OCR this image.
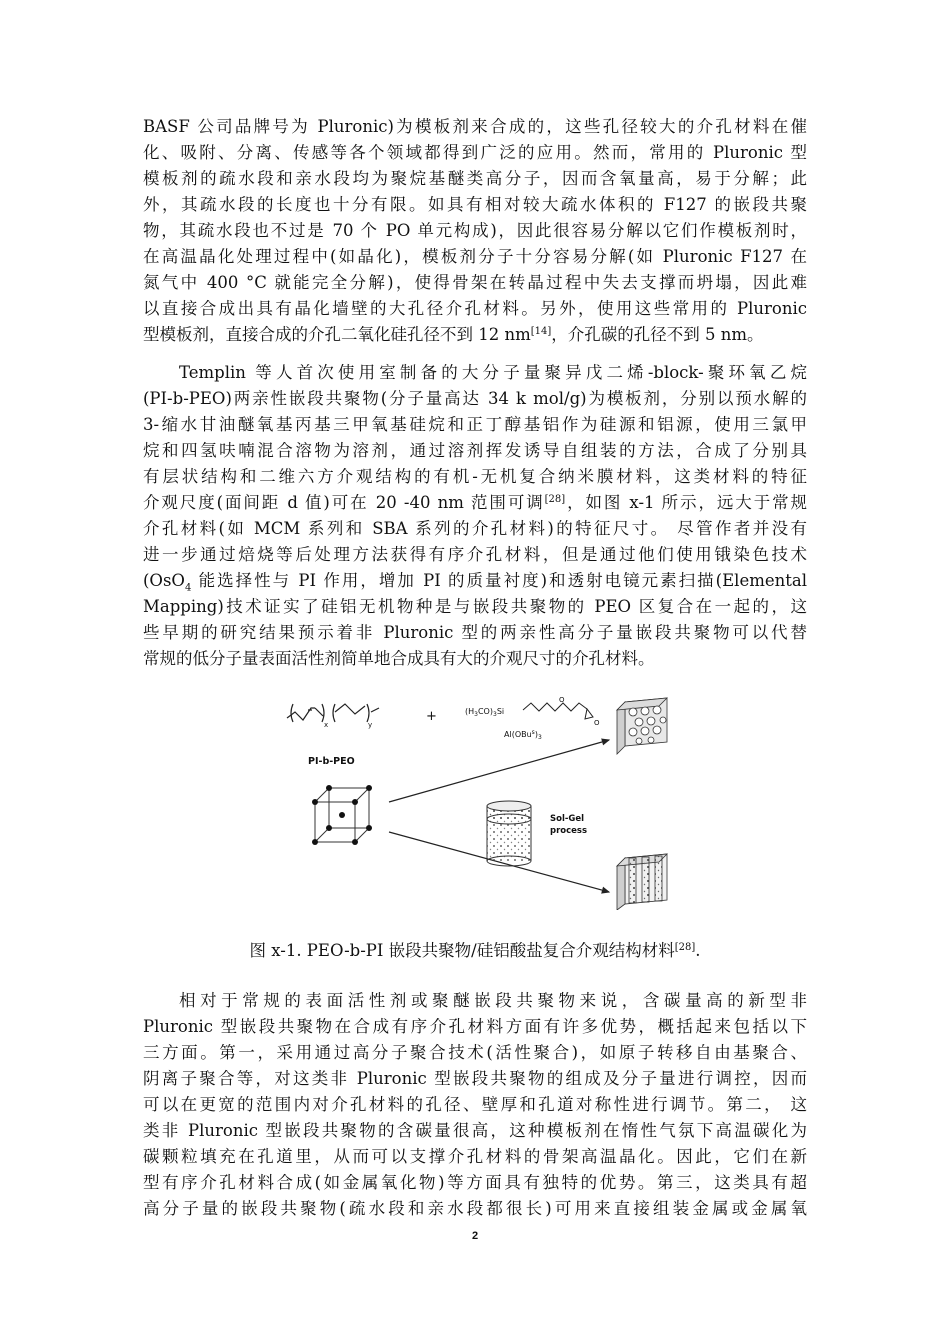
BASF 公司品牌号为 Pluronic)为模板剂来合成的，这些孔径较大的介孔材料在催
化、吸附、分离、传感等各个领域都得到广泛的应用。然而，常用的 Pluronic 型
模板剂的疏水段和亲水段均为聚烷基醚类高分子，因而含氧量高，易于分解；此
外，其疏水段的长度也十分有限。如具有相对较大疏水体积的 F127 的嵌段共聚
物，其疏水段也不过是 70 个 PO 单元构成)，因此很容易分解以它们作模板剂时，
在高温晶化处理过程中(如晶化)，模板剂分子十分容易分解(如 Pluronic F127 在
氮气中 400 °C 就能完全分解)，使得骨架在转晶过程中失去支撑而坍塌，因此难
以直接合成出具有晶化墙壁的大孔径介孔材料。另外，使用这些常用的 Pluronic
型模板剂，直接合成的介孔二氧化硅孔径不到 12 nm[14]，介孔碳的孔径不到 5 nm。
Templin 等人首次使用室制备的大分子量聚异戊二烯-block-聚环氧乙烷
(PI-b-PEO)两亲性嵌段共聚物(分子量高达 34 k mol/g)为模板剂，分别以预水解的
3-缩水甘油醚氧基丙基三甲氧基硅烷和正丁醇基铝作为硅源和铝源，使用三氯甲
烷和四氢呋喃混合溶物为溶剂，通过溶剂挥发诱导自组装的方法，合成了分别具
有层状结构和二维六方介观结构的有机-无机复合纳米膜材料，这类材料的特征
介观尺度(面间距 d 值)可在 20 -40 nm 范围可调[28]，如图 x-1 所示，远大于常规
介孔材料(如 MCM 系列和 SBA 系列的介孔材料)的特征尺寸。 尽管作者并没有
进一步通过焙烧等后处理方法获得有序介孔材料，但是通过他们使用锇染色技术
(OsO$_4$ 能选择性与 PI 作用，增加 PI 的质量衬度)和透射电镜元素扫描(Elemental
Mapping)技术证实了硅铝无机物种是与嵌段共聚物的 PEO 区复合在一起的，这
些早期的研究结果预示着非 Pluronic 型的两亲性高分子量嵌段共聚物可以代替
常规的低分子量表面活性剂简单地合成具有大的介观尺寸的介孔材料。
x	y
PI-b-PEO
+	$(H_3CO)_3Si$
O
O
$Al(OBu^s)_3$
Sol-Gel
process
图 x-1. PEO-b-PI 嵌段共聚物/硅铝酸盐复合介观结构材料[28].
相对于常规的表面活性剂或聚醚嵌段共聚物来说，含碳量高的新型非
Pluronic 型嵌段共聚物在合成有序介孔材料方面有许多优势，概括起来包括以下
三方面。第一，采用通过高分子聚合技术(活性聚合)，如原子转移自由基聚合、
阴离子聚合等，对这类非 Pluronic 型嵌段共聚物的组成及分子量进行调控，因而
可以在更宽的范围内对介孔材料的孔径、壁厚和孔道对称性进行调节。第二， 这
类非 Pluronic 型嵌段共聚物的含碳量很高，这种模板剂在惰性气氛下高温碳化为
碳颗粒填充在孔道里，从而可以支撑介孔材料的骨架高温晶化。因此，它们在新
型有序介孔材料合成(如金属氧化物)等方面具有独特的优势。第三，这类具有超
高分子量的嵌段共聚物(疏水段和亲水段都很长)可用来直接组装金属或金属氧
2
